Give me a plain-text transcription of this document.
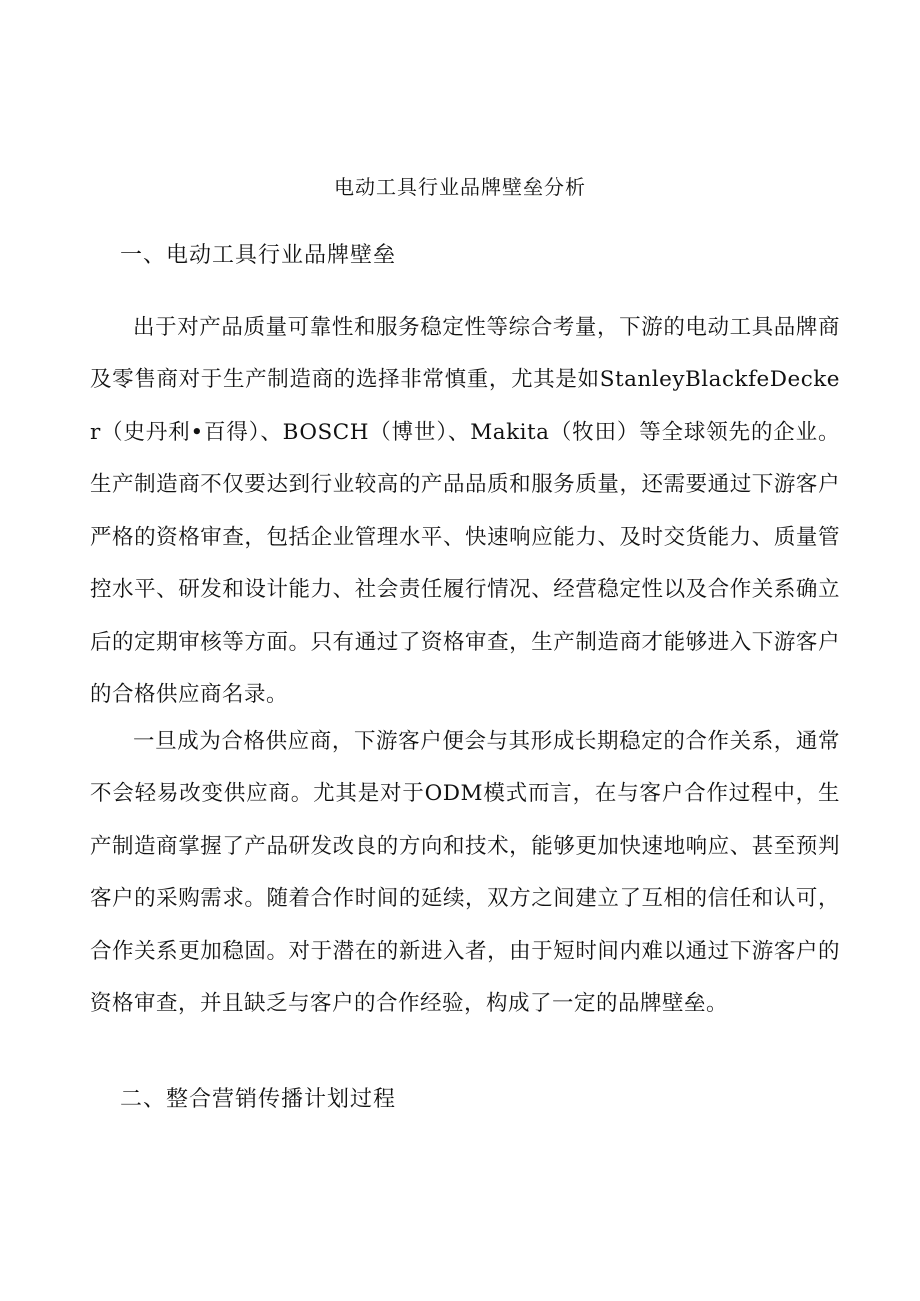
电动工具行业品牌壁垒分析
一、电动工具行业品牌壁垒

出于对产品质量可靠性和服务稳定性等综合考量，下游的电动工具品牌商及零售商对于生产制造商的选择非常慎重，尤其是如StanleyBlackfeDecker（史丹利•百得）、BOSCH（博世）、Makita（牧田）等全球领先的企业。生产制造商不仅要达到行业较高的产品品质和服务质量，还需要通过下游客户严格的资格审查，包括企业管理水平、快速响应能力、及时交货能力、质量管控水平、研发和设计能力、社会责任履行情况、经营稳定性以及合作关系确立后的定期审核等方面。只有通过了资格审查，生产制造商才能够进入下游客户的合格供应商名录。

一旦成为合格供应商，下游客户便会与其形成长期稳定的合作关系，通常不会轻易改变供应商。尤其是对于ODM模式而言，在与客户合作过程中，生产制造商掌握了产品研发改良的方向和技术，能够更加快速地响应、甚至预判客户的采购需求。随着合作时间的延续，双方之间建立了互相的信任和认可，合作关系更加稳固。对于潜在的新进入者，由于短时间内难以通过下游客户的资格审查，并且缺乏与客户的合作经验，构成了一定的品牌壁垒。

二、整合营销传播计划过程
